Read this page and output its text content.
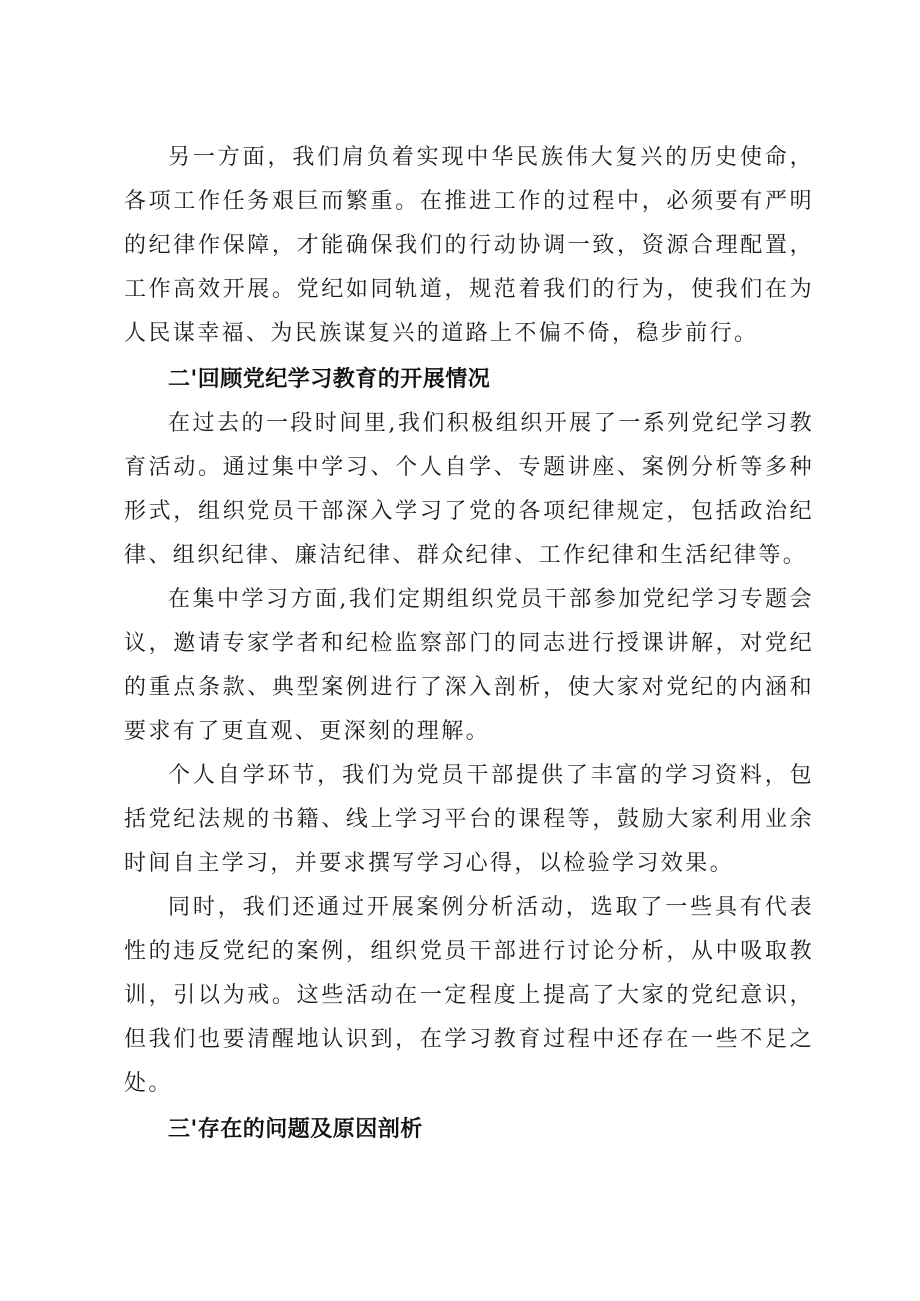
另一方面，我们肩负着实现中华民族伟大复兴的历史使命，各项工作任务艰巨而繁重。在推进工作的过程中，必须要有严明的纪律作保障，才能确保我们的行动协调一致，资源合理配置，工作高效开展。党纪如同轨道，规范着我们的行为，使我们在为人民谋幸福、为民族谋复兴的道路上不偏不倚，稳步前行。

二'回顾党纪学习教育的开展情况

在过去的一段时间里,我们积极组织开展了一系列党纪学习教育活动。通过集中学习、个人自学、专题讲座、案例分析等多种形式，组织党员干部深入学习了党的各项纪律规定，包括政治纪律、组织纪律、廉洁纪律、群众纪律、工作纪律和生活纪律等。

在集中学习方面,我们定期组织党员干部参加党纪学习专题会议，邀请专家学者和纪检监察部门的同志进行授课讲解，对党纪的重点条款、典型案例进行了深入剖析，使大家对党纪的内涵和要求有了更直观、更深刻的理解。

个人自学环节，我们为党员干部提供了丰富的学习资料，包括党纪法规的书籍、线上学习平台的课程等，鼓励大家利用业余时间自主学习，并要求撰写学习心得，以检验学习效果。

同时，我们还通过开展案例分析活动，选取了一些具有代表性的违反党纪的案例，组织党员干部进行讨论分析，从中吸取教训，引以为戒。这些活动在一定程度上提高了大家的党纪意识，但我们也要清醒地认识到，在学习教育过程中还存在一些不足之处。

三'存在的问题及原因剖析
